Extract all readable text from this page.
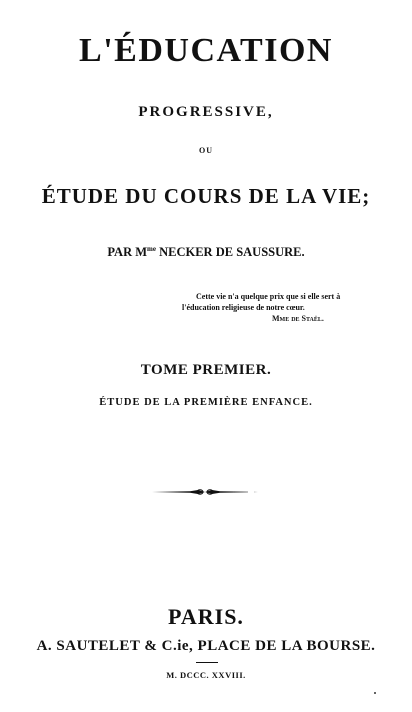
L'ÉDUCATION
PROGRESSIVE,
OU
ÉTUDE DU COURS DE LA VIE;
PAR $M^{me}$ NECKER DE SAUSSURE.
Cette vie n'a quelque prix que si elle sert à
l'éducation religieuse de notre cœur.
Mme de Staël.
TOME PREMIER.
ÉTUDE DE LA PREMIÈRE ENFANCE.
PARIS.
A. SAUTELET & C.ie, PLACE DE LA BOURSE.
M. DCCC. XXVIII.
